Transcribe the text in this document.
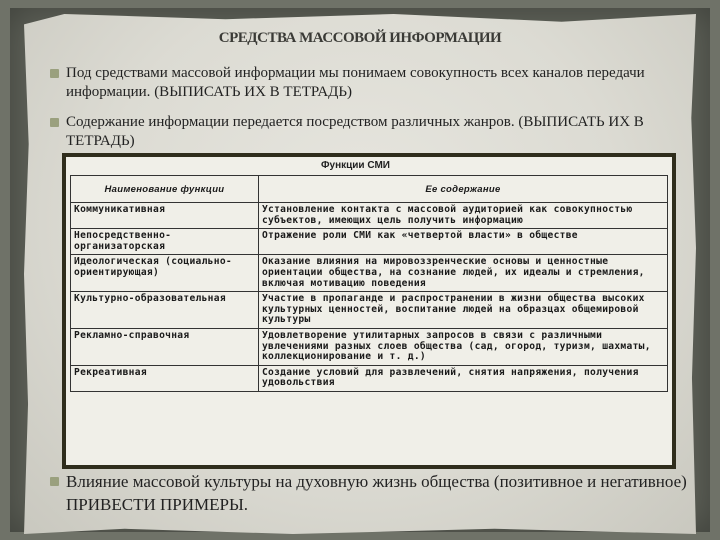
СРЕДСТВА МАССОВОЙ ИНФОРМАЦИИ
Под средствами массовой информации мы понимаем совокупность всех каналов передачи информации. (ВЫПИСАТЬ ИХ В ТЕТРАДЬ)
Содержание информации передается посредством различных жанров. (ВЫПИСАТЬ ИХ В ТЕТРАДЬ)
Функции СМИ
Наименование функции	Ее содержание
Коммуникативная	Установление контакта с массовой аудиторией как совокупностью субъектов, имеющих цель получить информацию
Непосредственно-организаторская	Отражение роли СМИ как «четвертой власти» в обществе
Идеологическая (социально-ориентирующая)	Оказание влияния на мировоззренческие основы и ценностные ориентации общества, на сознание людей, их идеалы и стремления, включая мотивацию поведения
Культурно-образовательная	Участие в пропаганде и распространении в жизни общества высоких культурных ценностей, воспитание людей на образцах общемировой культуры
Рекламно-справочная	Удовлетворение утилитарных запросов в связи с различными увлечениями разных слоев общества (сад, огород, туризм, шахматы, коллекционирование и т. д.)
Рекреативная	Создание условий для развлечений, снятия напряжения, получения удовольствия
Влияние массовой культуры на духовную жизнь общества (позитивное и негативное) ПРИВЕСТИ ПРИМЕРЫ.
